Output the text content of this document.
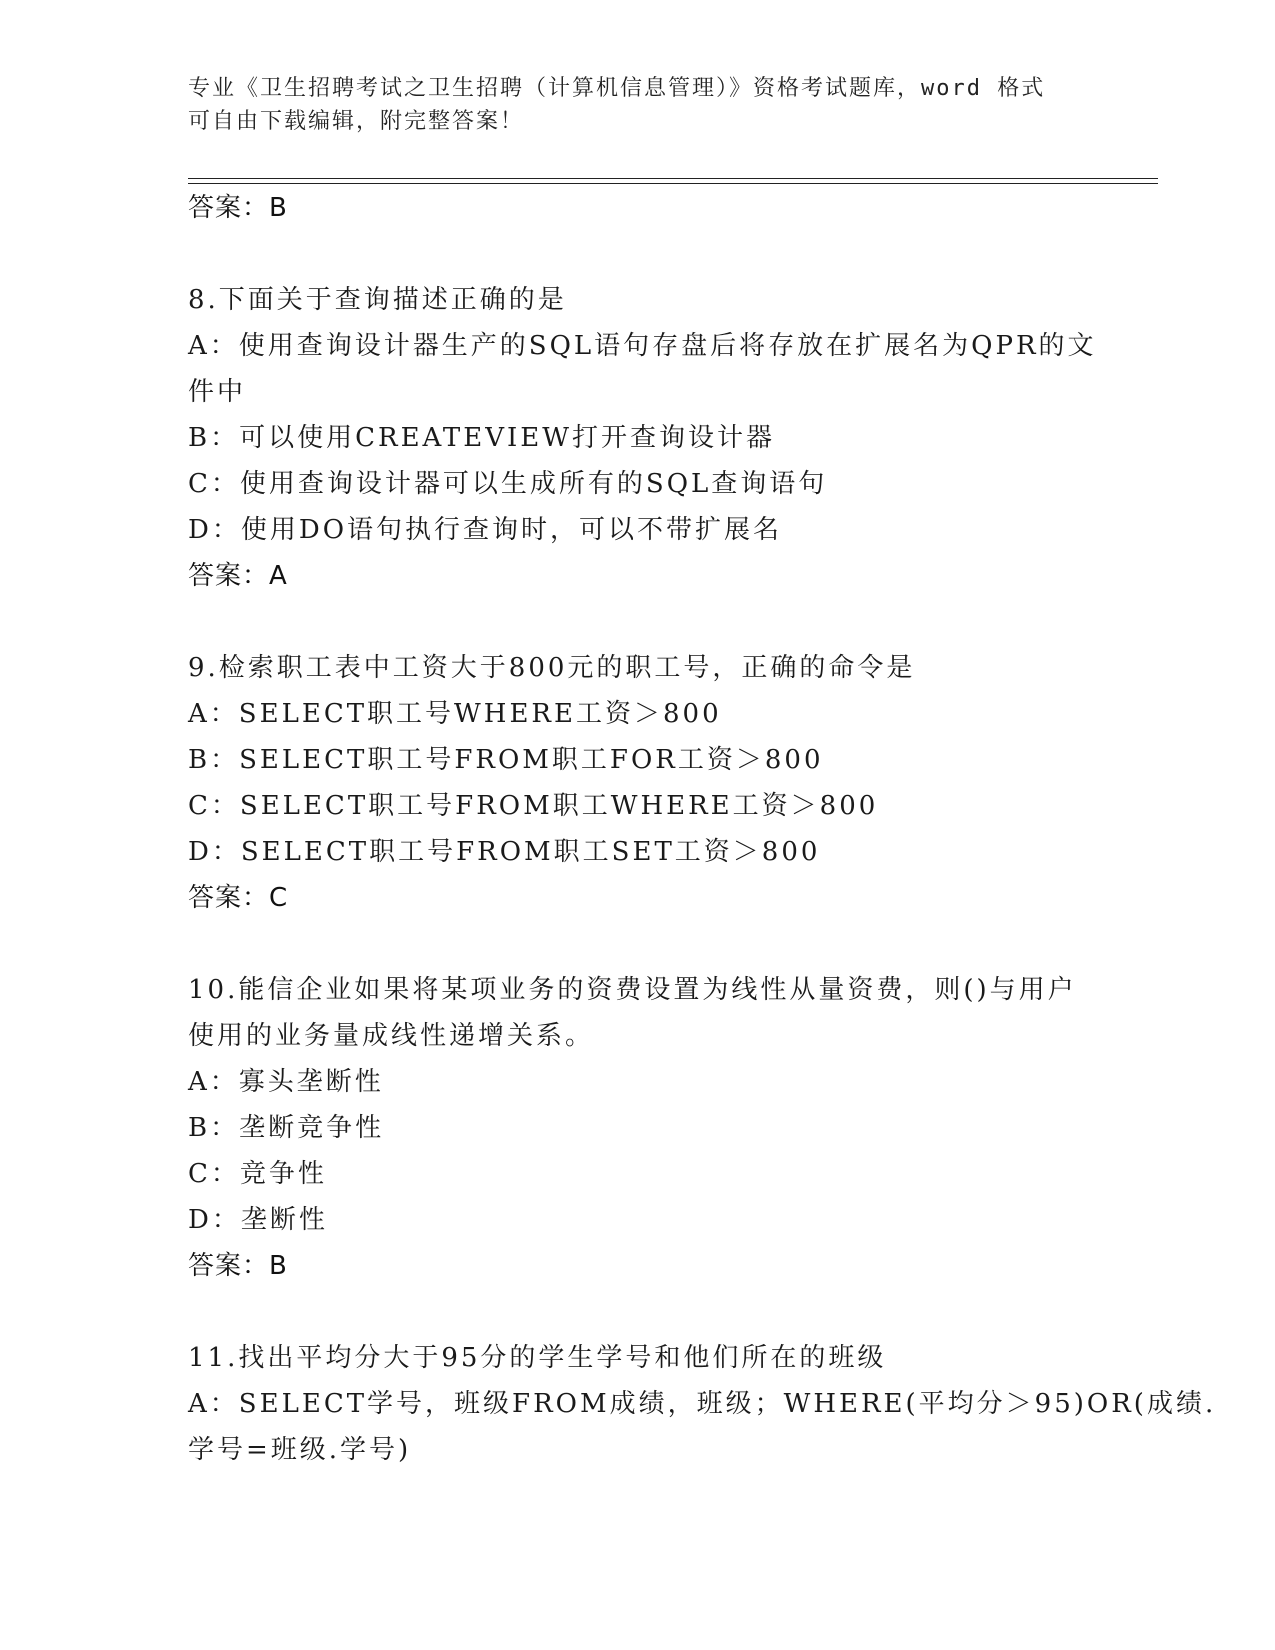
专业《卫生招聘考试之卫生招聘（计算机信息管理）》资格考试题库，word 格式
可自由下载编辑，附完整答案！
答案：B
8.下面关于查询描述正确的是
A：使用查询设计器生产的SQL语句存盘后将存放在扩展名为QPR的文
件中
B：可以使用CREATEVIEW打开查询设计器
C：使用查询设计器可以生成所有的SQL查询语句
D：使用DO语句执行查询时，可以不带扩展名
答案：A
9.检索职工表中工资大于800元的职工号，正确的命令是
A：SELECT职工号WHERE工资＞800
B：SELECT职工号FROM职工FOR工资＞800
C：SELECT职工号FROM职工WHERE工资＞800
D：SELECT职工号FROM职工SET工资＞800
答案：C
10.能信企业如果将某项业务的资费设置为线性从量资费，则()与用户
使用的业务量成线性递增关系。
A：寡头垄断性
B：垄断竞争性
C：竞争性
D：垄断性
答案：B
11.找出平均分大于95分的学生学号和他们所在的班级
A：SELECT学号，班级FROM成绩，班级；WHERE(平均分＞95)OR(成绩.
学号=班级.学号)
